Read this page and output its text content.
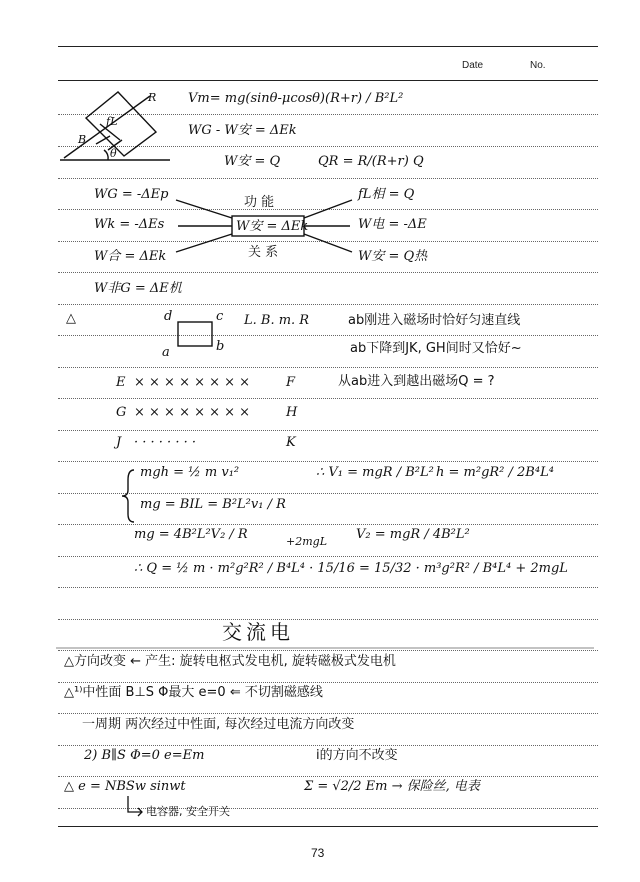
Date	No.
R
B
fL
θ
Vm= mg(sinθ-μcosθ)(R+r) / B²L²
WG - W安 = ΔEk
W安 = Q	QR = R/(R+r) Q
WG = -ΔEp
Wk = -ΔEs
W合 = ΔEk
W非G = ΔE机
功 能
W安 = ΔEk
关 系
fL相 = Q
W电 = -ΔE
W安 = Q热
△	d	c
a	b
L. B. m. R	ab刚进入磁场时恰好匀速直线
ab下降到JK, GH间时又恰好~
从ab进入到越出磁场Q = ?
E × × × × × × × ×	F
G × × × × × × × ×	H
J · · · · · · · ·	K
mgh = ½ m v₁²
mg = BIL = B²L²v₁ / R
∴ V₁ = mgR / B²L² h = m²gR² / 2B⁴L⁴
mg = 4B²L²V₂ / R	+2mgL V₂ = mgR / 4B²L²
∴ Q = ½ m · m²g²R² / B⁴L⁴ · 15/16 = 15/32 · m³g²R² / B⁴L⁴ + 2mgL
交流电
△方向改变 ← 产生: 旋转电枢式发电机, 旋转磁极式发电机
△¹⁾中性面 B⊥S Φ最大 e=0 ⇐ 不切割磁感线
一周期 两次经过中性面, 每次经过电流方向改变
2) B∥S Φ=0 e=Em	i的方向不改变
△ e = NBSw sinwt	Σ = √2/2 Em → 保险丝, 电表
电容器, 安全开关
73
